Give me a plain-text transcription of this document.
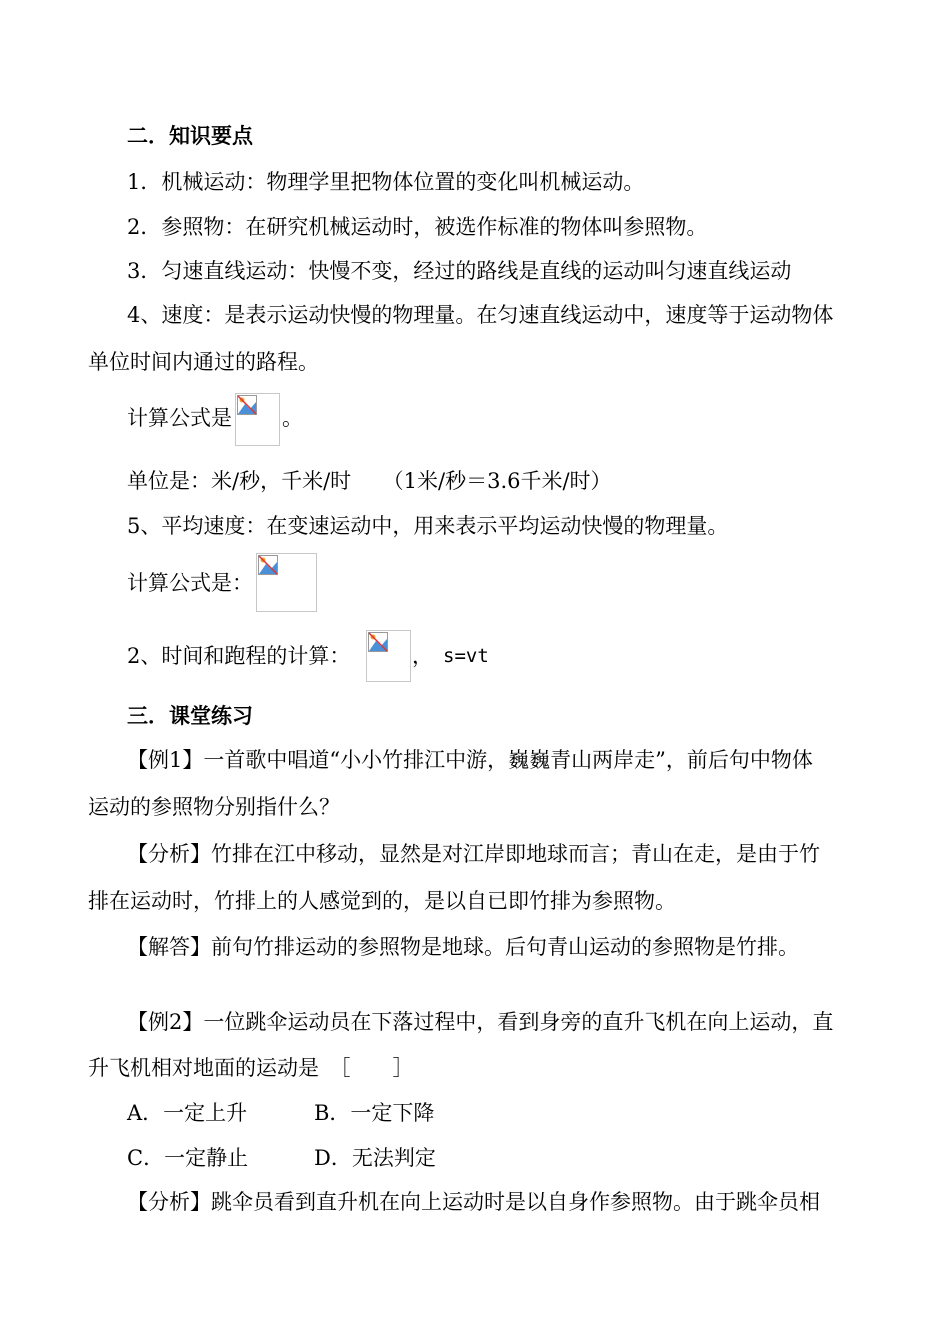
二．知识要点
1．机械运动：物理学里把物体位置的变化叫机械运动。
2．参照物：在研究机械运动时，被选作标准的物体叫参照物。
3．匀速直线运动：快慢不变，经过的路线是直线的运动叫匀速直线运动
4、速度：是表示运动快慢的物理量。在匀速直线运动中，速度等于运动物体
单位时间内通过的路程。
计算公式是 。
单位是：米/秒，千米/时　　（1米/秒＝3.6千米/时）
5、平均速度：在变速运动中，用来表示平均运动快慢的物理量。
计算公式是：
2、时间和跑程的计算：	， s=vt
三．课堂练习
【例1】一首歌中唱道“小小竹排江中游，巍巍青山两岸走”，前后句中物体
运动的参照物分别指什么？
【分析】竹排在江中移动，显然是对江岸即地球而言；青山在走，是由于竹
排在运动时，竹排上的人感觉到的，是以自已即竹排为参照物。
【解答】前句竹排运动的参照物是地球。后句青山运动的参照物是竹排。
【例2】一位跳伞运动员在下落过程中，看到身旁的直升飞机在向上运动，直
升飞机相对地面的运动是　［　　］
A．一定上升	B．一定下降
C．一定静止	D．无法判定
【分析】跳伞员看到直升机在向上运动时是以自身作参照物。由于跳伞员相
